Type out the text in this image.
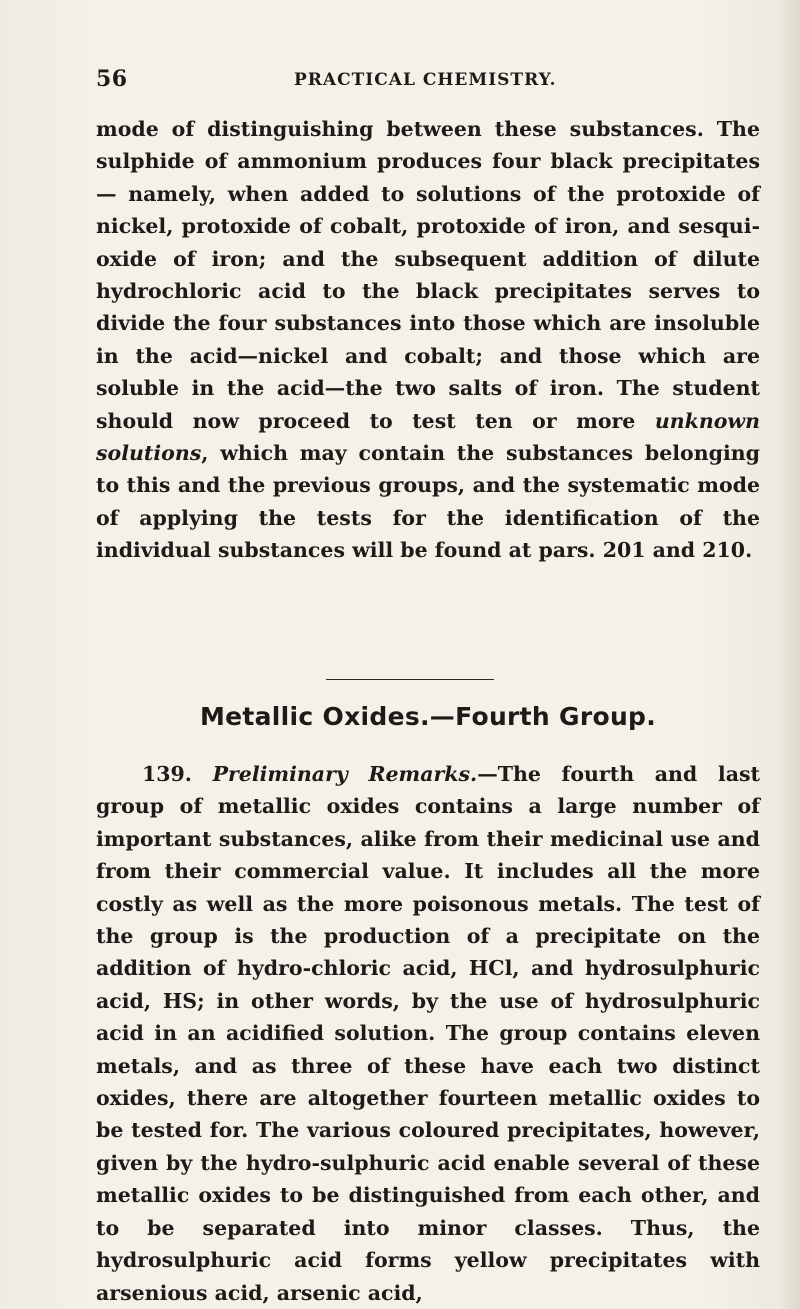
56	PRACTICAL CHEMISTRY.

mode of distinguishing between these substances. The sulphide of ammonium produces four black precipitates— namely, when added to solutions of the protoxide of nickel, protoxide of cobalt, protoxide of iron, and sesqui-oxide of iron; and the subsequent addition of dilute hydrochloric acid to the black precipitates serves to divide the four substances into those which are insoluble in the acid—nickel and cobalt; and those which are soluble in the acid—the two salts of iron. The student should now proceed to test ten or more unknown solutions, which may contain the substances belonging to this and the previous groups, and the systematic mode of applying the tests for the identification of the individual substances will be found at pars. 201 and 210.

Metallic Oxides.—Fourth Group.

139. Preliminary Remarks.—The fourth and last group of metallic oxides contains a large number of important substances, alike from their medicinal use and from their commercial value. It includes all the more costly as well as the more poisonous metals. The test of the group is the production of a precipitate on the addition of hydro-chloric acid, HCl, and hydrosulphuric acid, HS; in other words, by the use of hydrosulphuric acid in an acidified solution. The group contains eleven metals, and as three of these have each two distinct oxides, there are altogether fourteen metallic oxides to be tested for. The various coloured precipitates, however, given by the hydro-sulphuric acid enable several of these metallic oxides to be distinguished from each other, and to be separated into minor classes. Thus, the hydrosulphuric acid forms yellow precipitates with arsenious acid, arsenic acid,
